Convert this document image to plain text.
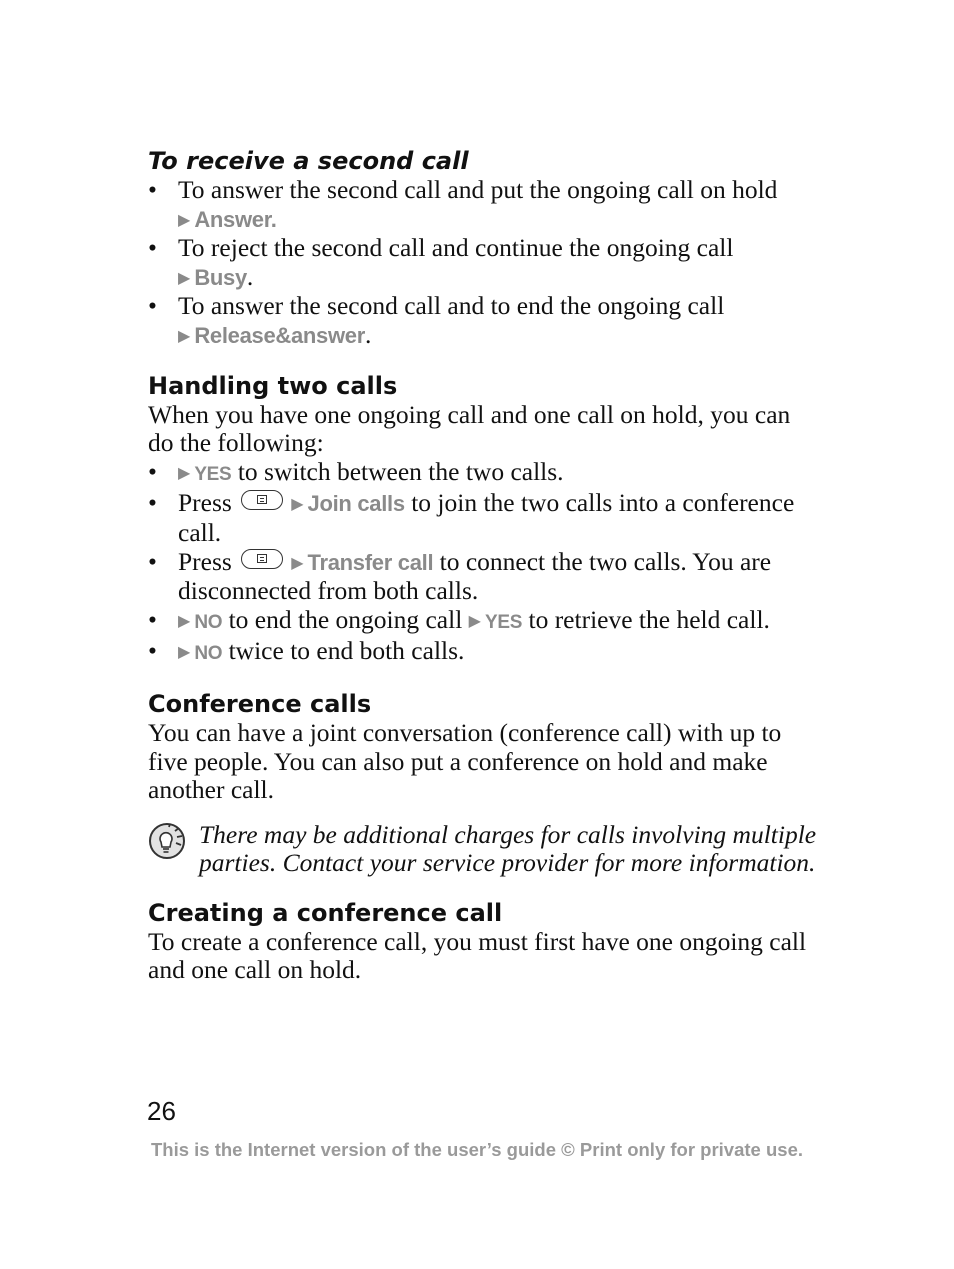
To receive a second call
• To answer the second call and put the ongoing call on hold
▶ Answer.
• To reject the second call and continue the ongoing call
▶ Busy.
• To answer the second call and to end the ongoing call
▶ Release&answer.
Handling two calls

When you have one ongoing call and one call on hold, you can do the following:

• ▶ YES to switch between the two calls.
• Press	▶ Join calls to join the two calls into a conference call.
• Press	▶ Transfer call to connect the two calls. You are disconnected from both calls.
• ▶ NO to end the ongoing call ▶ YES to retrieve the held call.
• ▶ NO twice to end both calls.
Conference calls

You can have a joint conversation (conference call) with up to five people. You can also put a conference on hold and make another call.

There may be additional charges for calls involving multiple parties. Contact your service provider for more information.

Creating a conference call

To create a conference call, you must first have one ongoing call and one call on hold.

26
This is the Internet version of the user’s guide © Print only for private use.
